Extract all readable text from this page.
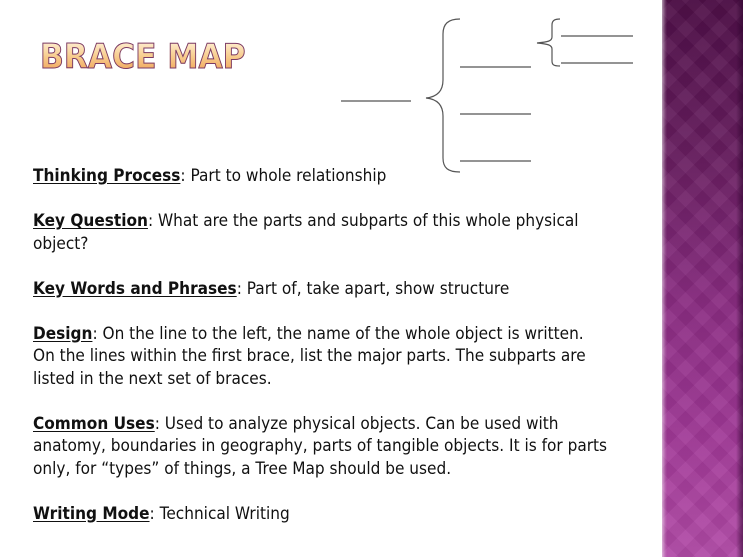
BRACE MAP

Thinking Process: Part to whole relationship

Key Question: What are the parts and subparts of this whole physical object?

Key Words and Phrases: Part of, take apart, show structure

Design: On the line to the left, the name of the whole object is written. On the lines within the first brace, list the major parts. The subparts are listed in the next set of braces.

Common Uses: Used to analyze physical objects. Can be used with anatomy, boundaries in geography, parts of tangible objects. It is for parts only, for “types” of things, a Tree Map should be used.

Writing Mode: Technical Writing
